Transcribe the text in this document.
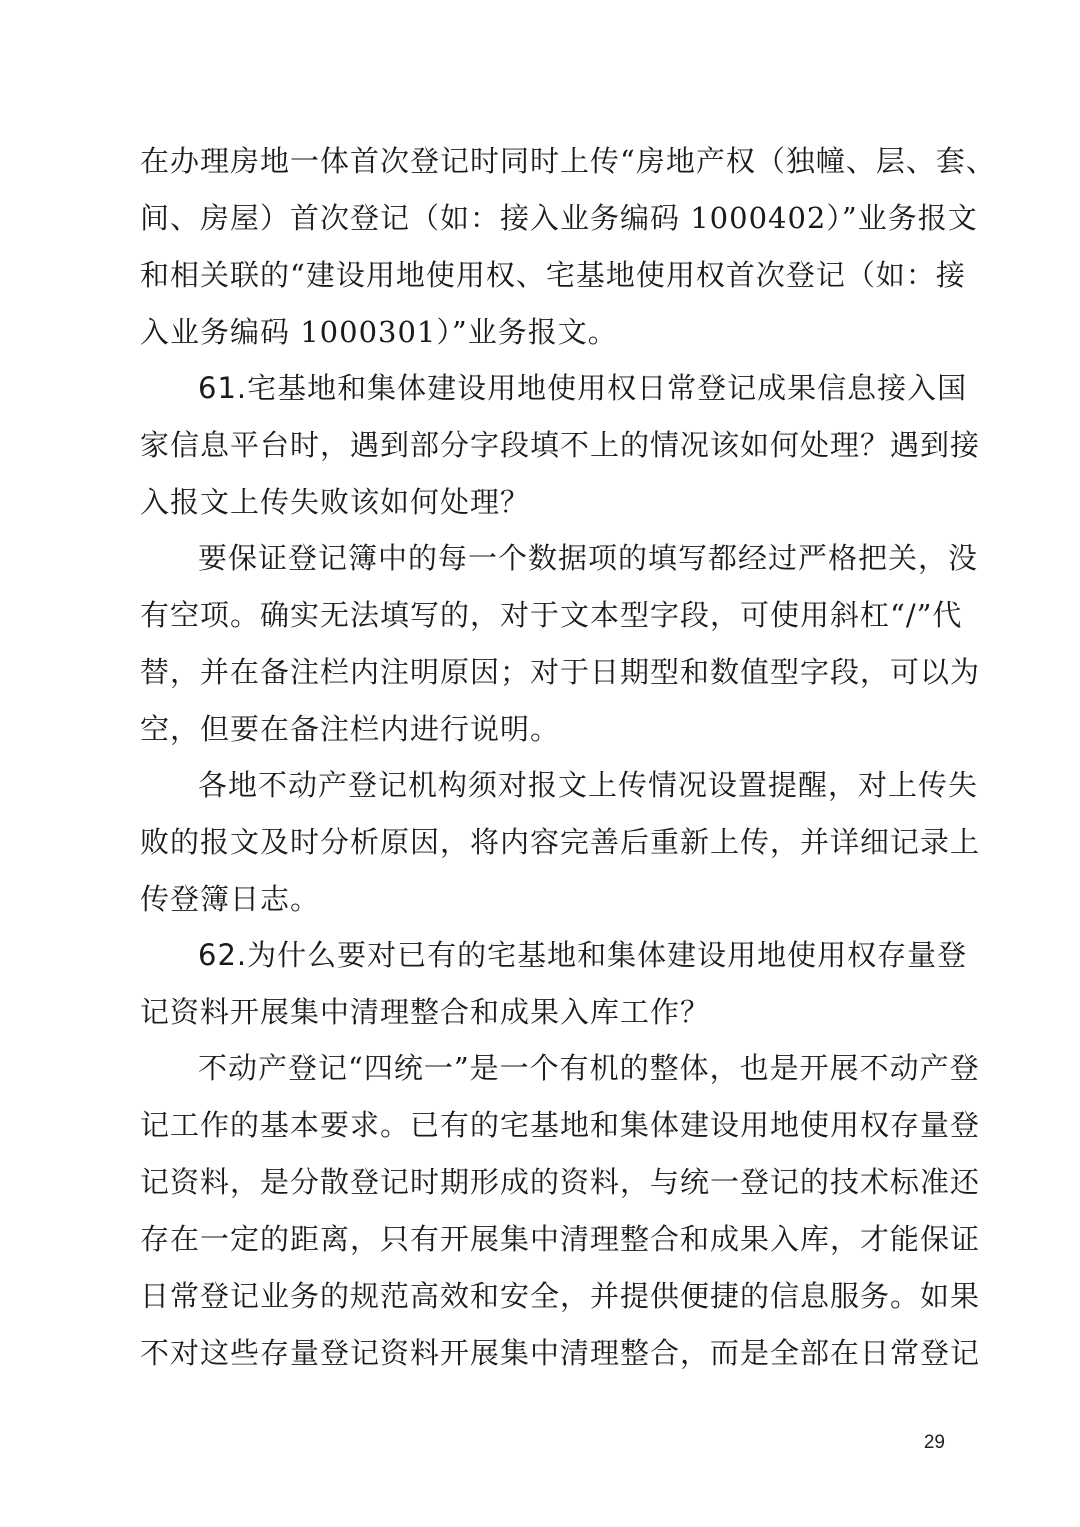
在办理房地一体首次登记时同时上传“房地产权（独幢、层、套、
间、房屋）首次登记（如：接入业务编码 1000402）”业务报文
和相关联的“建设用地使用权、宅基地使用权首次登记（如：接
入业务编码 1000301）”业务报文。
61.宅基地和集体建设用地使用权日常登记成果信息接入国
家信息平台时，遇到部分字段填不上的情况该如何处理？遇到接
入报文上传失败该如何处理？
要保证登记簿中的每一个数据项的填写都经过严格把关，没
有空项。确实无法填写的，对于文本型字段，可使用斜杠“/”代
替，并在备注栏内注明原因；对于日期型和数值型字段，可以为
空，但要在备注栏内进行说明。
各地不动产登记机构须对报文上传情况设置提醒，对上传失
败的报文及时分析原因，将内容完善后重新上传，并详细记录上
传登簿日志。
62.为什么要对已有的宅基地和集体建设用地使用权存量登
记资料开展集中清理整合和成果入库工作？
不动产登记“四统一”是一个有机的整体，也是开展不动产登
记工作的基本要求。已有的宅基地和集体建设用地使用权存量登
记资料，是分散登记时期形成的资料，与统一登记的技术标准还
存在一定的距离，只有开展集中清理整合和成果入库，才能保证
日常登记业务的规范高效和安全，并提供便捷的信息服务。如果
不对这些存量登记资料开展集中清理整合，而是全部在日常登记
29
